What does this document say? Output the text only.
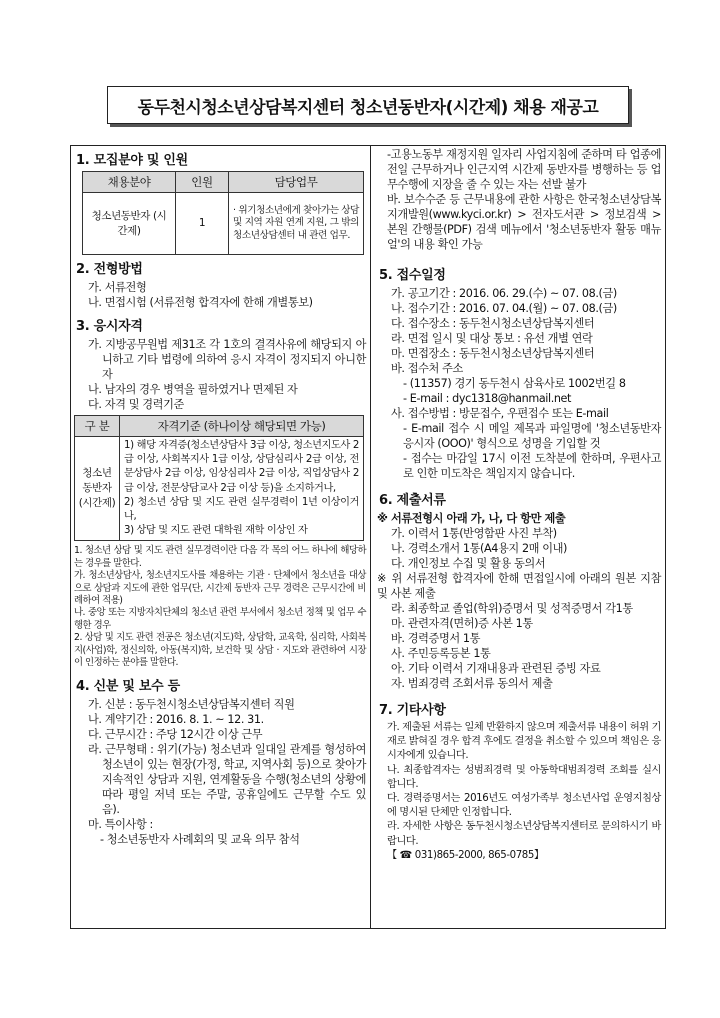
동두천시청소년상담복지센터 청소년동반자(시간제) 채용 재공고
1. 모집분야 및 인원
채용분야	인원	담당업무
청소년동반자 (시간제)	1	· 위기청소년에게 찾아가는 상담 및 지역 자원 연계 지원, 그 밖의 청소년상담센터 내 관련 업무.
2. 전형방법

가. 서류전형

나. 면접시험 (서류전형 합격자에 한해 개별통보)

3. 응시자격

가. 지방공무원법 제31조 각 1호의 결격사유에 해당되지 아니하고 기타 법령에 의하여 응시 자격이 정지되지 아니한 자

나. 남자의 경우 병역을 필하였거나 면제된 자

다. 자격 및 경력기준

구 분	자격기준 (하나이상 해당되면 가능)
청소년동반자(시간제)	1) 해당 자격증(청소년상담사 3급 이상, 청소년지도사 2급 이상, 사회복지사 1급 이상, 상담심리사 2급 이상, 전문상담사 2급 이상, 임상심리사 2급 이상, 직업상담사 2급 이상, 전문상담교사 2급 이상 등)을 소지하거나,
2) 청소년 상담 및 지도 관련 실무경력이 1년 이상이거나,
3) 상담 및 지도 관련 대학원 재학 이상인 자

1. 청소년 상담 및 지도 관련 실무경력이란 다음 각 목의 어느 하나에 해당하는 경우를 말한다.

가. 청소년상담사, 청소년지도사를 채용하는 기관 · 단체에서 청소년을 대상으로 상담과 지도에 관한 업무(단, 시간제 동반자 근무 경력은 근무시간에 비례하여 적용)

나. 중앙 또는 지방자치단체의 청소년 관련 부서에서 청소년 정책 및 업무 수행한 경우

2. 상담 및 지도 관련 전공은 청소년(지도)학, 상담학, 교육학, 심리학, 사회복지(사업)학, 정신의학, 아동(복지)학, 보건학 및 상담 · 지도와 관련하여 시장이 인정하는 분야를 말한다.

4. 신분 및 보수 등

가. 신분 : 동두천시청소년상담복지센터 직원

나. 계약기간 : 2016. 8. 1. ~ 12. 31.

다. 근무시간 : 주당 12시간 이상 근무

라. 근무형태 : 위기(가능) 청소년과 일대일 관계를 형성하여 청소년이 있는 현장(가정, 학교, 지역사회 등)으로 찾아가 지속적인 상담과 지원, 연계활동을 수행(청소년의 상황에 따라 평일 저녁 또는 주말, 공휴일에도 근무할 수도 있음).

마. 특이사항 :

- 청소년동반자 사례회의 및 교육 의무 참석

-고용노동부 재정지원 일자리 사업지침에 준하며 타 업종에 전일 근무하거나 인근지역 시간제 동반자를 병행하는 등 업무수행에 지장을 줄 수 있는 자는 선발 불가

바. 보수수준 등 근무내용에 관한 사항은 한국청소년상담복지개발원(www.kyci.or.kr) > 전자도서관 > 정보검색 > 본원 간행물(PDF) 검색 메뉴에서 '청소년동반자 활동 매뉴얼'의 내용 확인 가능

5. 접수일정

가. 공고기간 : 2016. 06. 29.(수) ~ 07. 08.(금)

나. 접수기간 : 2016. 07. 04.(월) ~ 07. 08.(금)

다. 접수장소 : 동두천시청소년상담복지센터

라. 면접 일시 및 대상 통보 : 유선 개별 연락

마. 면접장소 : 동두천시청소년상담복지센터

바. 접수처 주소

- (11357) 경기 동두천시 삼육사로 1002번길 8

- E-mail : dyc1318@hanmail.net

사. 접수방법 : 방문접수, 우편접수 또는 E-mail

- E-mail 접수 시 메일 제목과 파일명에 '청소년동반자 응시자 (OOO)' 형식으로 성명을 기입할 것

- 접수는 마감일 17시 이전 도착분에 한하며, 우편사고로 인한 미도착은 책임지지 않습니다.

6. 제출서류

※ 서류전형시 아래 가, 나, 다 항만 제출

가. 이력서 1통(반영함판 사진 부착)

나. 경력소개서 1통(A4용지 2매 이내)

다. 개인정보 수집 및 활용 동의서

※ 위 서류전형 합격자에 한해 면접일시에 아래의 원본 지참 및 사본 제출

라. 최종학교 졸업(학위)증명서 및 성적증명서 각1통

마. 관련자격(면허)증 사본 1통

바. 경력증명서 1통

사. 주민등록등본 1통

아. 기타 이력서 기재내용과 관련된 증빙 자료

자. 범죄경력 조회서류 동의서 제출

7. 기타사항

가. 제출된 서류는 일체 반환하지 않으며 제출서류 내용이 허위 기재로 밝혀질 경우 합격 후에도 결정을 취소할 수 있으며 책임은 응시자에게 있습니다.

나. 최종합격자는 성범죄경력 및 아동학대범죄경력 조회를 실시합니다.

다. 경력증명서는 2016년도 여성가족부 청소년사업 운영지침상에 명시된 단체만 인정합니다.

라. 자세한 사항은 동두천시청소년상담복지센터로 문의하시기 바랍니다.

【 ☎ 031)865-2000, 865-0785】
